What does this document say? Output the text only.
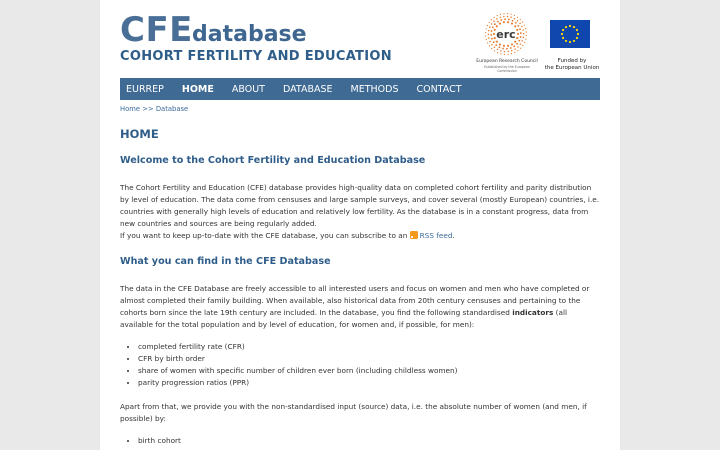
CFE database
COHORT FERTILITY AND EDUCATION
erc
European Research Council
Established by the European Commission
Funded by
the European Union
EURREP	HOME	ABOUT	DATABASE	METHODS	CONTACT
Home >> Database
HOME
Welcome to the Cohort Fertility and Education Database

The Cohort Fertility and Education (CFE) database provides high-quality data on completed cohort fertility and parity distribution by level of education. The data come from censuses and large sample surveys, and cover several (mostly European) countries, i.e. countries with generally high levels of education and relatively low fertility. As the database is in a constant progress, data from new countries and sources are being regularly added.
If you want to keep up-to-date with the CFE database, you can subscribe to an RSS feed.

What you can find in the CFE Database

The data in the CFE Database are freely accessible to all interested users and focus on women and men who have completed or almost completed their family building. When available, also historical data from 20th century censuses and pertaining to the cohorts born since the late 19th century are included. In the database, you find the following standardised indicators (all available for the total population and by level of education, for women and, if possible, for men):

• completed fertility rate (CFR)
• CFR by birth order
• share of women with specific number of children ever born (including childless women)
• parity progression ratios (PPR)

Apart from that, we provide you with the non-standardised input (source) data, i.e. the absolute number of women (and men, if possible) by:

• birth cohort
